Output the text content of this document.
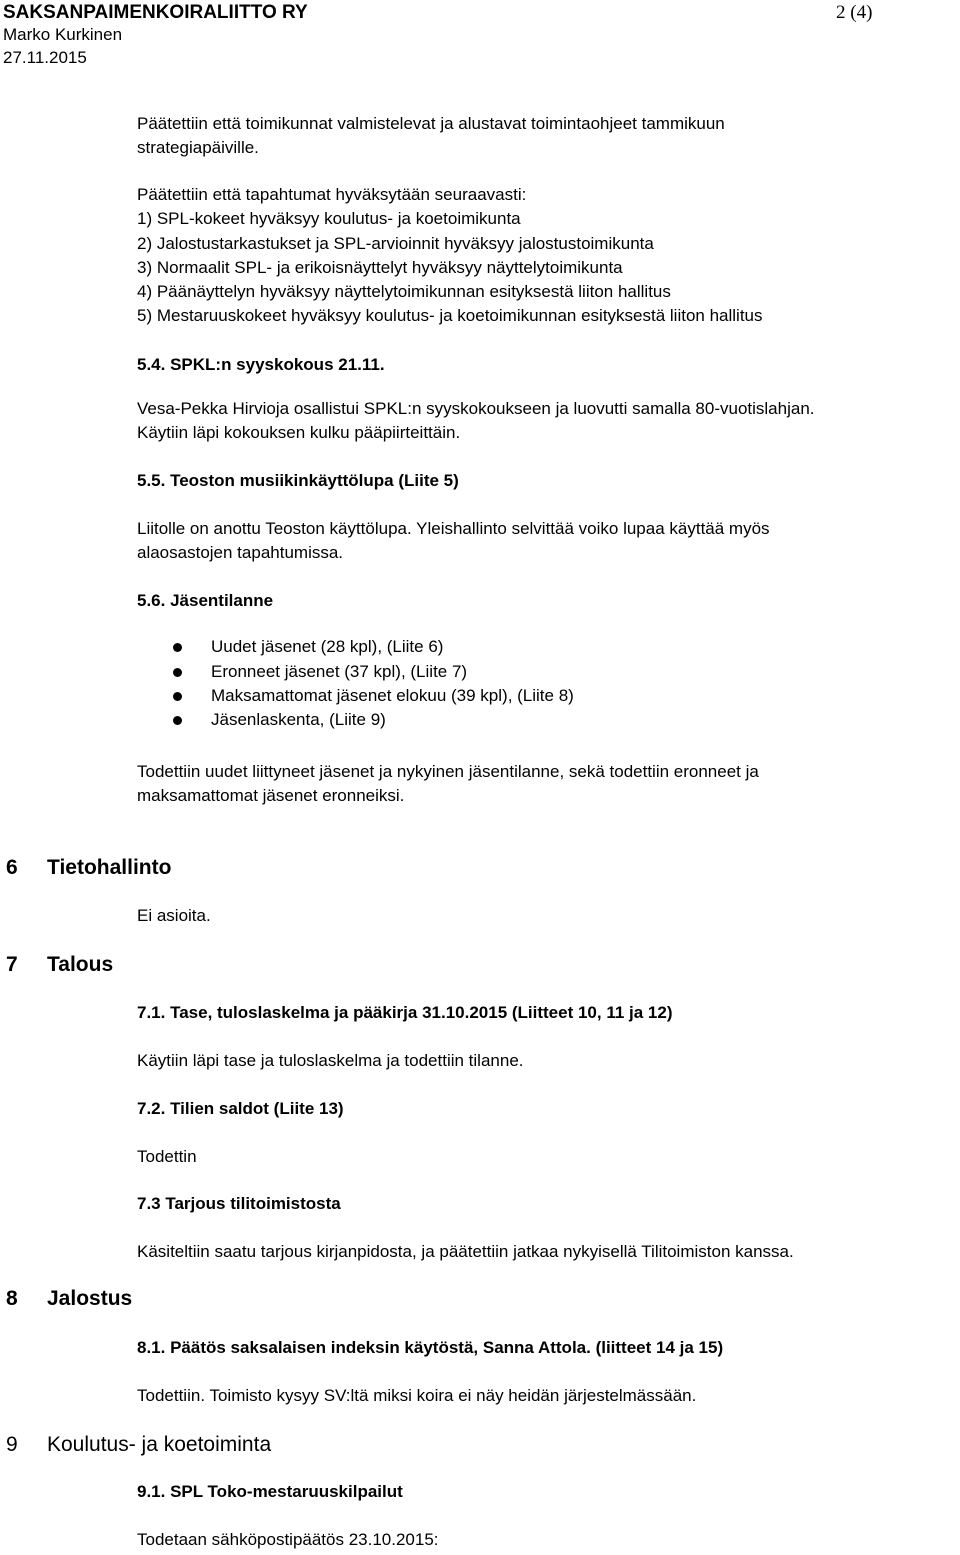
SAKSANPAIMENKOIRALIITTO RY	2 (4)
Marko Kurkinen
27.11.2015
Päätettiin että toimikunnat valmistelevat ja alustavat toimintaohjeet tammikuun
strategiapäiville.
Päätettiin että tapahtumat hyväksytään seuraavasti:
1) SPL-kokeet hyväksyy koulutus- ja koetoimikunta
2) Jalostustarkastukset ja SPL-arvioinnit hyväksyy jalostustoimikunta
3) Normaalit SPL- ja erikoisnäyttelyt hyväksyy näyttelytoimikunta
4) Päänäyttelyn hyväksyy näyttelytoimikunnan esityksestä liiton hallitus
5) Mestaruuskokeet hyväksyy koulutus- ja koetoimikunnan esityksestä liiton hallitus
5.4. SPKL:n syyskokous 21.11.
Vesa-Pekka Hirvioja osallistui SPKL:n syyskokoukseen ja luovutti samalla 80-vuotislahjan.
Käytiin läpi kokouksen kulku pääpiirteittäin.
5.5. Teoston musiikinkäyttölupa (Liite 5)
Liitolle on anottu Teoston käyttölupa. Yleishallinto selvittää voiko lupaa käyttää myös
alaosastojen tapahtumissa.
5.6. Jäsentilanne
Uudet jäsenet (28 kpl), (Liite 6)
Eronneet jäsenet (37 kpl), (Liite 7)
Maksamattomat jäsenet elokuu (39 kpl), (Liite 8)
Jäsenlaskenta, (Liite 9)
Todettiin uudet liittyneet jäsenet ja nykyinen jäsentilanne, sekä todettiin eronneet ja
maksamattomat jäsenet eronneiksi.
6 Tietohallinto
Ei asioita.
7 Talous
7.1. Tase, tuloslaskelma ja pääkirja 31.10.2015 (Liitteet 10, 11 ja 12)
Käytiin läpi tase ja tuloslaskelma ja todettiin tilanne.
7.2. Tilien saldot (Liite 13)
Todettin
7.3 Tarjous tilitoimistosta
Käsiteltiin saatu tarjous kirjanpidosta, ja päätettiin jatkaa nykyisellä Tilitoimiston kanssa.
8 Jalostus
8.1. Päätös saksalaisen indeksin käytöstä, Sanna Attola. (liitteet 14 ja 15)
Todettiin. Toimisto kysyy SV:ltä miksi koira ei näy heidän järjestelmässään.
9 Koulutus- ja koetoiminta
9.1. SPL Toko-mestaruuskilpailut
Todetaan sähköpostipäätös 23.10.2015:
